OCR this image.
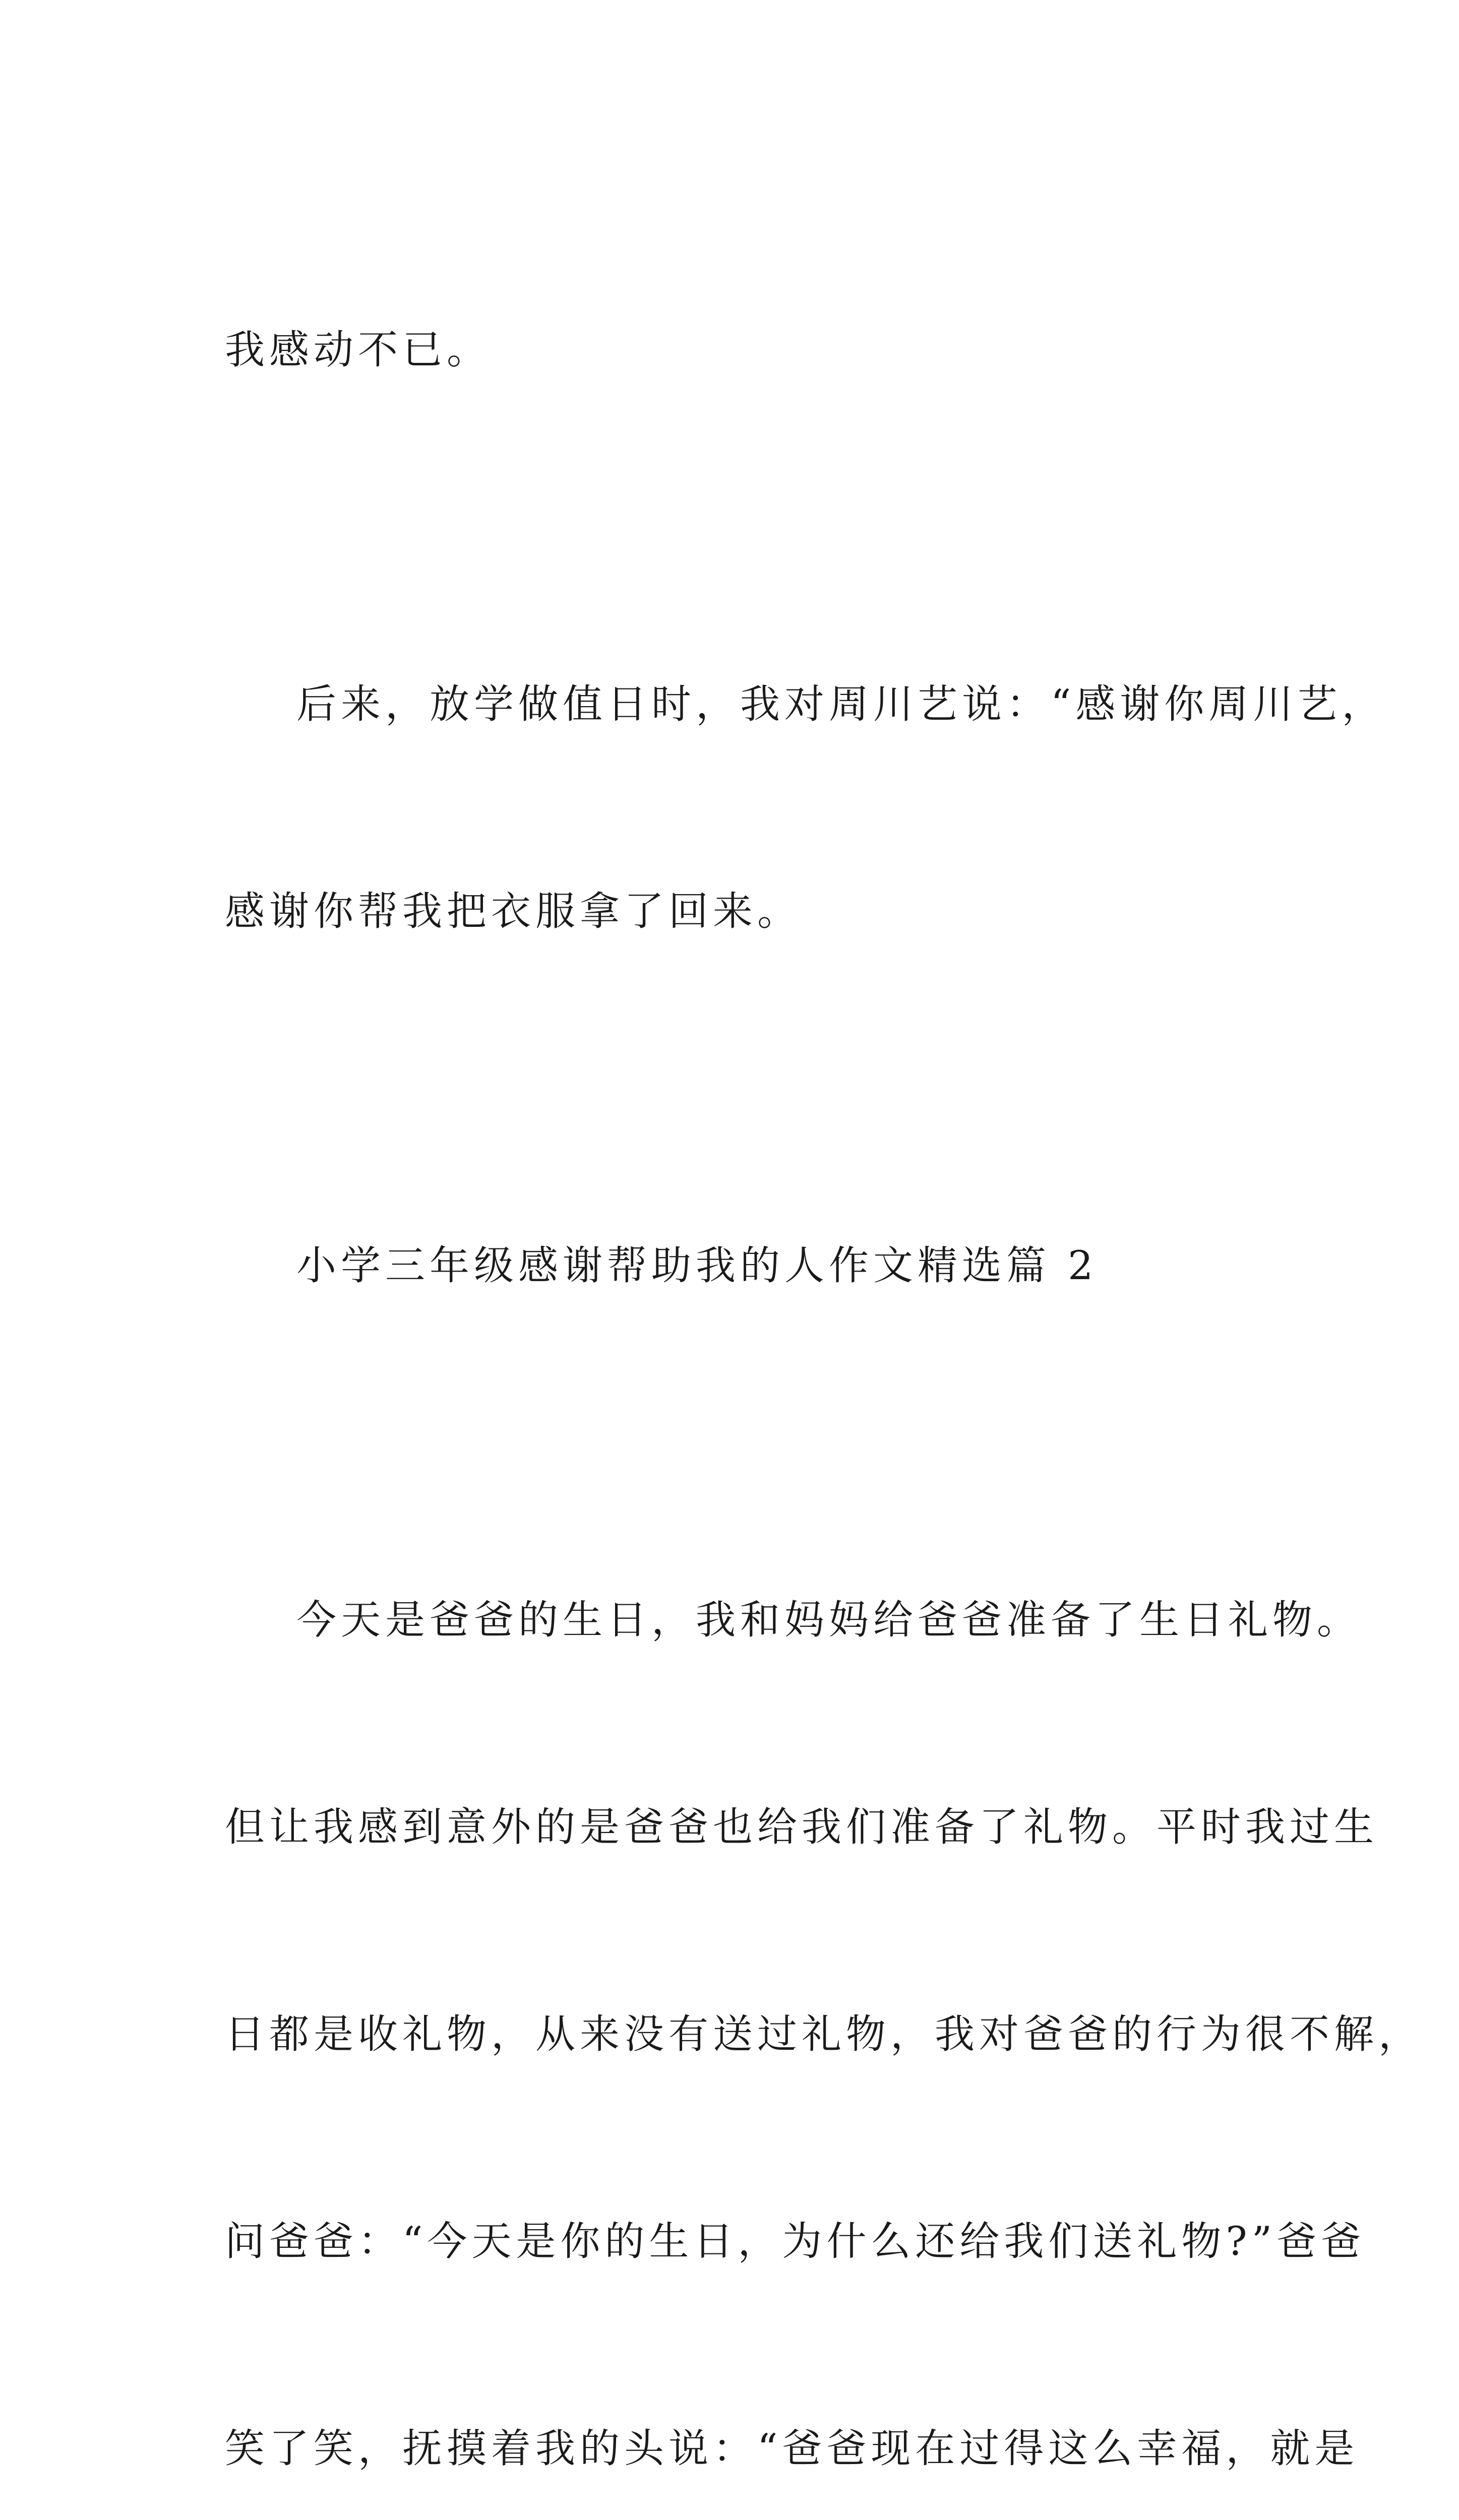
我感动不已。

后来，放学做值日时，我对周川艺说：“感谢你周川艺，

感谢你帮我把衣服拿了回来。

小学三年级感谢帮助我的人作文精选篇 2

今天是爸爸的生日，我和妈妈给爸爸准备了生日礼物。

但让我感到意外的是爸爸也给我们准备了礼物。平时我过生

日都是收礼物，从来没有送过礼物，我对爸爸的行为很不解，

问爸爸：“今天是你的生日，为什么还给我们送礼物?”爸爸

笑了笑，抚摸着我的头说：“爸爸现在过得这么幸福，就是
